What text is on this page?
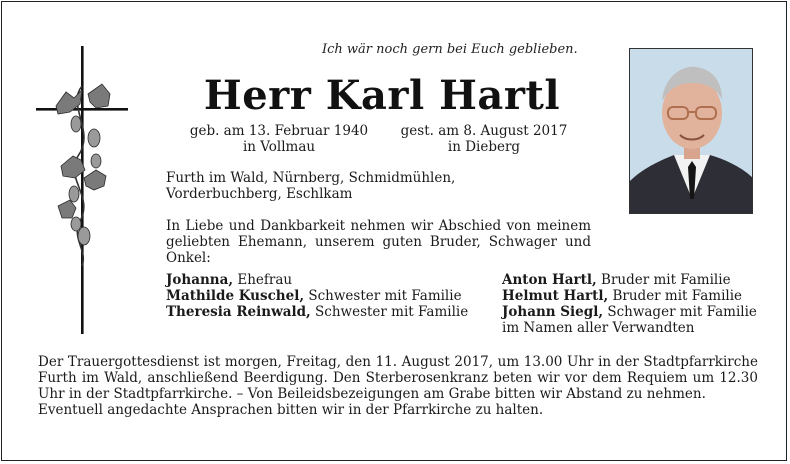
Ich wär noch gern bei Euch geblieben.
Herr Karl Hartl
geb. am 13. Februar 1940
in Vollmau
gest. am 8. August 2017
in Dieberg
Furth im Wald, Nürnberg, Schmidmühlen,
Vorderbuchberg, Eschlkam
In Liebe und Dankbarkeit nehmen wir Abschied von meinem geliebten Ehemann, unserem guten Bruder, Schwager und Onkel:
Johanna, Ehefrau
Mathilde Kuschel, Schwester mit Familie
Theresia Reinwald, Schwester mit Familie
Anton Hartl, Bruder mit Familie
Helmut Hartl, Bruder mit Familie
Johann Siegl, Schwager mit Familie
im Namen aller Verwandten
Der Trauergottesdienst ist morgen, Freitag, den 11. August 2017, um 13.00 Uhr in der Stadtpfarrkirche Furth im Wald, anschließend Beerdigung. Den Sterberosenkranz beten wir vor dem Requiem um 12.30 Uhr in der Stadtpfarrkirche. – Von Beileidsbezeigungen am Grabe bitten wir Abstand zu nehmen.
Eventuell angedachte Ansprachen bitten wir in der Pfarrkirche zu halten.
